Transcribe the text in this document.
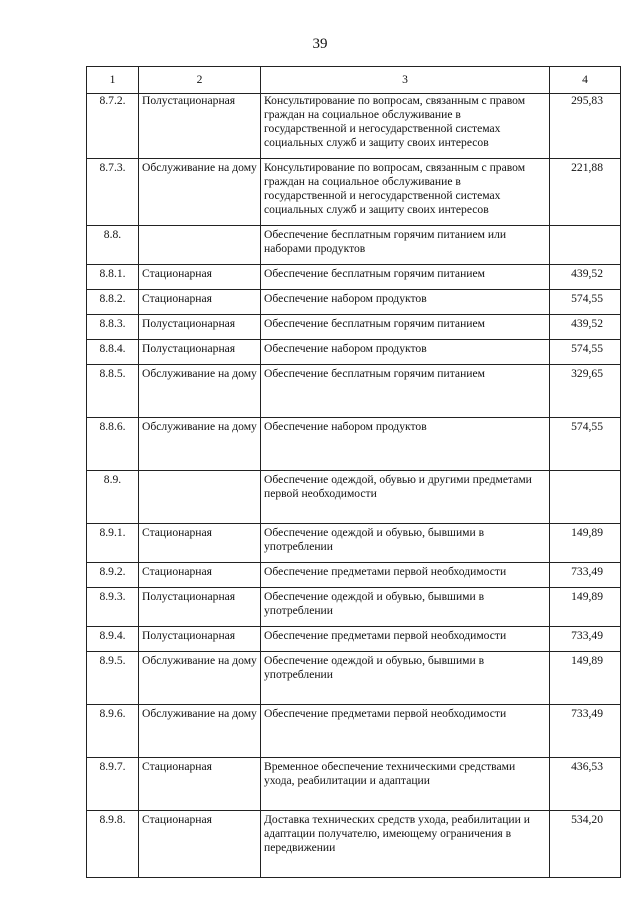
39
1	2	3	4
8.7.2.	Полустационарная	Консультирование по вопросам, связанным с правом граждан на социальное обслуживание в государственной и негосударственной системах социальных служб и защиту своих интересов	295,83
8.7.3.	Обслуживание на дому	Консультирование по вопросам, связанным с правом граждан на социальное обслуживание в государственной и негосударственной системах социальных служб и защиту своих интересов	221,88
8.8.		Обеспечение бесплатным горячим питанием или наборами продуктов	
8.8.1.	Стационарная	Обеспечение бесплатным горячим питанием	439,52
8.8.2.	Стационарная	Обеспечение набором продуктов	574,55
8.8.3.	Полустационарная	Обеспечение бесплатным горячим питанием	439,52
8.8.4.	Полустационарная	Обеспечение набором продуктов	574,55
8.8.5.	Обслуживание на дому	Обеспечение бесплатным горячим питанием	329,65
8.8.6.	Обслуживание на дому	Обеспечение набором продуктов	574,55
8.9.		Обеспечение одеждой, обувью и другими предметами первой необходимости	
8.9.1.	Стационарная	Обеспечение одеждой и обувью, бывшими в употреблении	149,89
8.9.2.	Стационарная	Обеспечение предметами первой необходимости	733,49
8.9.3.	Полустационарная	Обеспечение одеждой и обувью, бывшими в употреблении	149,89
8.9.4.	Полустационарная	Обеспечение предметами первой необходимости	733,49
8.9.5.	Обслуживание на дому	Обеспечение одеждой и обувью, бывшими в употреблении	149,89
8.9.6.	Обслуживание на дому	Обеспечение предметами первой необходимости	733,49
8.9.7.	Стационарная	Временное обеспечение техническими средствами ухода, реабилитации и адаптации	436,53
8.9.8.	Стационарная	Доставка технических средств ухода, реабилитации и адаптации получателю, имеющему ограничения в передвижении	534,20
